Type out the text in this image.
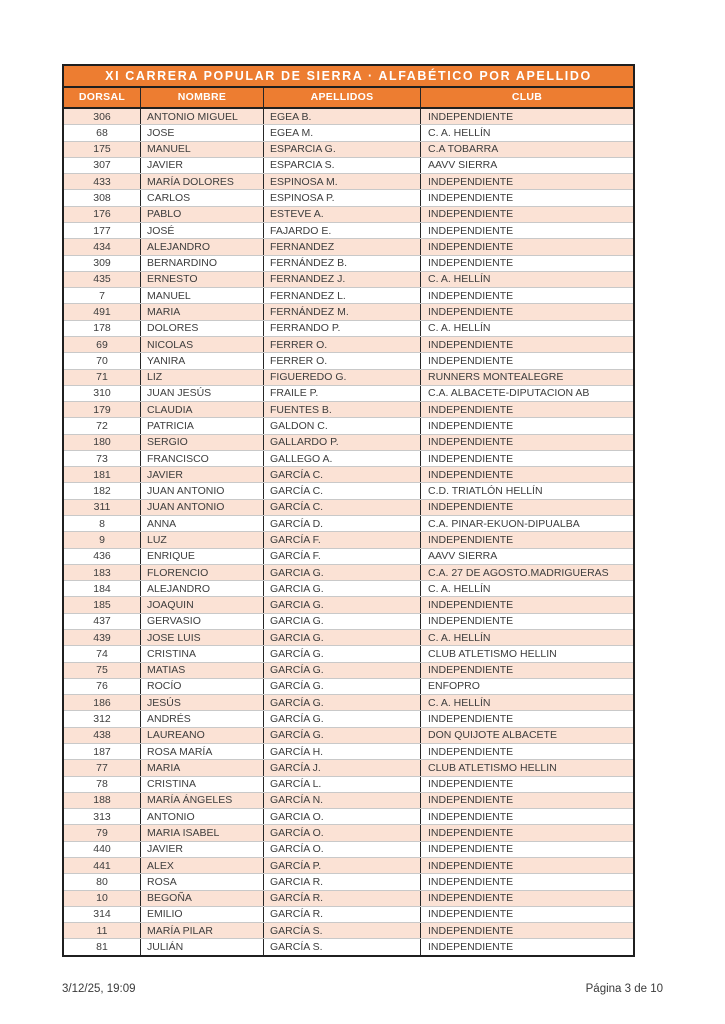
XI CARRERA POPULAR DE SIERRA · ALFABÉTICO POR APELLIDO
DORSAL	NOMBRE	APELLIDOS	CLUB
306	ANTONIO MIGUEL	EGEA B.	INDEPENDIENTE
68	JOSE	EGEA M.	C. A. HELLÍN
175	MANUEL	ESPARCIA G.	C.A TOBARRA
307	JAVIER	ESPARCIA S.	AAVV SIERRA
433	MARÍA DOLORES	ESPINOSA M.	INDEPENDIENTE
308	CARLOS	ESPINOSA P.	INDEPENDIENTE
176	PABLO	ESTEVE A.	INDEPENDIENTE
177	JOSÉ	FAJARDO E.	INDEPENDIENTE
434	ALEJANDRO	FERNANDEZ	INDEPENDIENTE
309	BERNARDINO	FERNÁNDEZ B.	INDEPENDIENTE
435	ERNESTO	FERNANDEZ J.	C. A. HELLÍN
7	MANUEL	FERNANDEZ L.	INDEPENDIENTE
491	MARIA	FERNÁNDEZ M.	INDEPENDIENTE
178	DOLORES	FERRANDO P.	C. A. HELLÍN
69	NICOLAS	FERRER O.	INDEPENDIENTE
70	YANIRA	FERRER O.	INDEPENDIENTE
71	LIZ	FIGUEREDO G.	RUNNERS MONTEALEGRE
310	JUAN JESÚS	FRAILE P.	C.A. ALBACETE-DIPUTACION AB
179	CLAUDIA	FUENTES B.	INDEPENDIENTE
72	PATRICIA	GALDON C.	INDEPENDIENTE
180	SERGIO	GALLARDO P.	INDEPENDIENTE
73	FRANCISCO	GALLEGO A.	INDEPENDIENTE
181	JAVIER	GARCÍA C.	INDEPENDIENTE
182	JUAN ANTONIO	GARCÍA C.	C.D. TRIATLÓN HELLÍN
311	JUAN ANTONIO	GARCÍA C.	INDEPENDIENTE
8	ANNA	GARCÍA D.	C.A. PINAR-EKUON-DIPUALBA
9	LUZ	GARCÍA F.	INDEPENDIENTE
436	ENRIQUE	GARCÍA F.	AAVV SIERRA
183	FLORENCIO	GARCIA G.	C.A. 27 DE AGOSTO.MADRIGUERAS
184	ALEJANDRO	GARCIA G.	C. A. HELLÍN
185	JOAQUIN	GARCIA G.	INDEPENDIENTE
437	GERVASIO	GARCIA G.	INDEPENDIENTE
439	JOSE LUIS	GARCIA G.	C. A. HELLÍN
74	CRISTINA	GARCÍA G.	CLUB ATLETISMO HELLIN
75	MATIAS	GARCÍA G.	INDEPENDIENTE
76	ROCÍO	GARCÍA G.	ENFOPRO
186	JESÚS	GARCÍA G.	C. A. HELLÍN
312	ANDRÉS	GARCÍA G.	INDEPENDIENTE
438	LAUREANO	GARCÍA G.	DON QUIJOTE ALBACETE
187	ROSA MARÍA	GARCÍA H.	INDEPENDIENTE
77	MARIA	GARCÍA J.	CLUB ATLETISMO HELLIN
78	CRISTINA	GARCÍA L.	INDEPENDIENTE
188	MARÍA ÁNGELES	GARCÍA N.	INDEPENDIENTE
313	ANTONIO	GARCIA O.	INDEPENDIENTE
79	MARIA ISABEL	GARCÍA O.	INDEPENDIENTE
440	JAVIER	GARCÍA O.	INDEPENDIENTE
441	ALEX	GARCÍA P.	INDEPENDIENTE
80	ROSA	GARCIA R.	INDEPENDIENTE
10	BEGOÑA	GARCÍA R.	INDEPENDIENTE
314	EMILIO	GARCÍA R.	INDEPENDIENTE
11	MARÍA PILAR	GARCÍA S.	INDEPENDIENTE
81	JULIÁN	GARCÍA S.	INDEPENDIENTE
3/12/25, 19:09	Página 3 de 10
